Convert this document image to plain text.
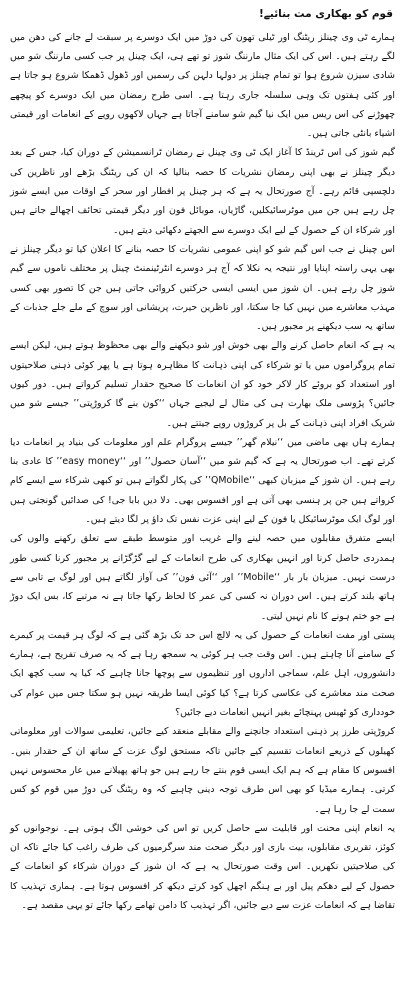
قوم کو بھکاری مت بنائیے!

ہمارے ٹی وی چینلز ریٹنگ اور ٹیلی تھون کی دوڑ میں ایک دوسرے پر سبقت لے جانے کی دھن میں لگے رہتے ہیں۔ اس کی ایک مثال مارننگ شوز تو تھے ہی، ایک چینل پر جب کسی مارننگ شو میں شادی سیزن شروع ہوا تو تمام چینلز پر دولہا دلہن کی رسمیں اور ڈھول ڈھمکا شروع ہو جاتا ہے اور کئی ہفتوں تک وہی سلسلہ جاری رہتا ہے۔ اسی طرح رمضان میں ایک دوسرے کو پیچھے چھوڑنے کی اس ریس میں ایک نیا گیم شو سامنے آجاتا ہے جہاں لاکھوں روپے کے انعامات اور قیمتی اشیاء بانٹی جاتی ہیں۔

گیم شوز کی اس ٹرینڈ کا آغاز ایک ٹی وی چینل نے رمضان ٹرانسمیشن کے دوران کیا، جس کے بعد دیگر چینلز نے بھی اپنی رمضان نشریات کا حصہ بنالیا کہ ان کی ریٹنگ بڑھے اور ناظرین کی دلچسپی قائم رہے۔ آج صورتحال یہ ہے کہ ہر چینل پر افطار اور سحر کے اوقات میں ایسے شوز چل رہے ہیں جن میں موٹرسائیکلیں، گاڑیاں، موبائل فون اور دیگر قیمتی تحائف اچھالے جاتے ہیں اور شرکاء ان کے حصول کے لیے ایک دوسرے سے الجھتے دکھائی دیتے ہیں۔

اس چینل نے جب اس گیم شو کو اپنی عمومی نشریات کا حصہ بنانے کا اعلان کیا تو دیگر چینلز نے بھی یہی راستہ اپنایا اور نتیجہ یہ نکلا کہ آج ہر دوسرے انٹرٹینمنٹ چینل پر مختلف ناموں سے گیم شوز چل رہے ہیں۔ ان شوز میں ایسی ایسی حرکتیں کروائی جاتی ہیں جن کا تصور بھی کسی مہذب معاشرے میں نہیں کیا جا سکتا، اور ناظرین حیرت، پریشانی اور سوچ کے ملے جلے جذبات کے ساتھ یہ سب دیکھنے پر مجبور ہیں۔

یہ ہے کہ انعام حاصل کرنے والے بھی خوش اور شو دیکھنے والے بھی محظوظ ہوتے ہیں، لیکن ایسے تمام پروگراموں میں یا تو شرکاء کی اپنی ذہانت کا مظاہرہ ہوتا ہے یا پھر کوئی ذہنی صلاحیتوں اور استعداد کو بروئے کار لاکر خود کو ان انعامات کا صحیح حقدار تسلیم کرواتے ہیں۔ دور کیوں جائیں؟ پڑوسی ملک بھارت ہی کی مثال لے لیجیے جہاں ‘‘کون بنے گا کروڑپتی’’ جیسے شو میں شریک افراد اپنی ذہانت کے بل پر کروڑوں روپے جیتتے ہیں۔

ہمارے ہاں بھی ماضی میں ‘‘نیلام گھر’’ جیسے پروگرام علم اور معلومات کی بنیاد پر انعامات دیا کرتے تھے۔ اب صورتحال یہ ہے کہ گیم شو میں ‘‘آسان حصول’’ اور ‘‘easy money’’ کا عادی بنا رہے ہیں۔ ان شوز کے میزبان کبھی ‘‘QMobile’’ کی پکار لگواتے ہیں تو کبھی شرکاء سے ایسے کام کرواتے ہیں جن پر ہنسی بھی آتی ہے اور افسوس بھی۔ دلا دیں بابا جی! کی صدائیں گونجتی ہیں اور لوگ ایک موٹرسائیکل یا فون کے لیے اپنی عزت نفس تک داؤ پر لگا دیتے ہیں۔

ایسے متفرق مقابلوں میں حصہ لینے والے غریب اور متوسط طبقے سے تعلق رکھنے والوں کی ہمدردی حاصل کرنا اور انہیں بھکاری کی طرح انعامات کے لیے گڑگڑانے پر مجبور کرنا کسی طور درست نہیں۔ میزبان بار بار ‘‘Mobile’’ اور ‘‘آئی فون’’ کی آواز لگاتے ہیں اور لوگ بے تابی سے ہاتھ بلند کرتے ہیں۔ اس دوران نہ کسی کی عمر کا لحاظ رکھا جاتا ہے نہ مرتبے کا، بس ایک دوڑ ہے جو ختم ہونے کا نام نہیں لیتی۔

پستی اور مفت انعامات کے حصول کی یہ لالچ اس حد تک بڑھ گئی ہے کہ لوگ ہر قیمت پر کیمرے کے سامنے آنا چاہتے ہیں۔ اس وقت جب ہر کوئی یہ سمجھ رہا ہے کہ یہ صرف تفریح ہے، ہمارے دانشوروں، اہل علم، سماجی اداروں اور تنظیموں سے پوچھا جانا چاہیے کہ کیا یہ سب کچھ ایک صحت مند معاشرے کی عکاسی کرتا ہے؟ کیا کوئی ایسا طریقہ نہیں ہو سکتا جس میں عوام کی خودداری کو ٹھیس پہنچائے بغیر انہیں انعامات دیے جائیں؟

کروڑپتی طرز پر ذہنی استعداد جانچنے والے مقابلے منعقد کیے جائیں، تعلیمی سوالات اور معلوماتی کھیلوں کے ذریعے انعامات تقسیم کیے جائیں تاکہ مستحق لوگ عزت کے ساتھ ان کے حقدار بنیں۔ افسوس کا مقام ہے کہ ہم ایک ایسی قوم بنتے جا رہے ہیں جو ہاتھ پھیلانے میں عار محسوس نہیں کرتی۔ ہمارے میڈیا کو بھی اس طرف توجہ دینی چاہیے کہ وہ ریٹنگ کی دوڑ میں قوم کو کس سمت لے جا رہا ہے۔

یہ انعام اپنی محنت اور قابلیت سے حاصل کریں تو اس کی خوشی الگ ہوتی ہے۔ نوجوانوں کو کوئز، تقریری مقابلوں، بیت بازی اور دیگر صحت مند سرگرمیوں کی طرف راغب کیا جائے تاکہ ان کی صلاحیتیں نکھریں۔ اس وقت صورتحال یہ ہے کہ ان شوز کے دوران شرکاء کو انعامات کے حصول کے لیے دھکم پیل اور بے ہنگم اچھل کود کرتے دیکھ کر افسوس ہوتا ہے۔ ہماری تہذیب کا تقاضا ہے کہ انعامات عزت سے دیے جائیں، اگر تہذیب کا دامن تھامے رکھا جائے تو یہی مقصد ہے۔
